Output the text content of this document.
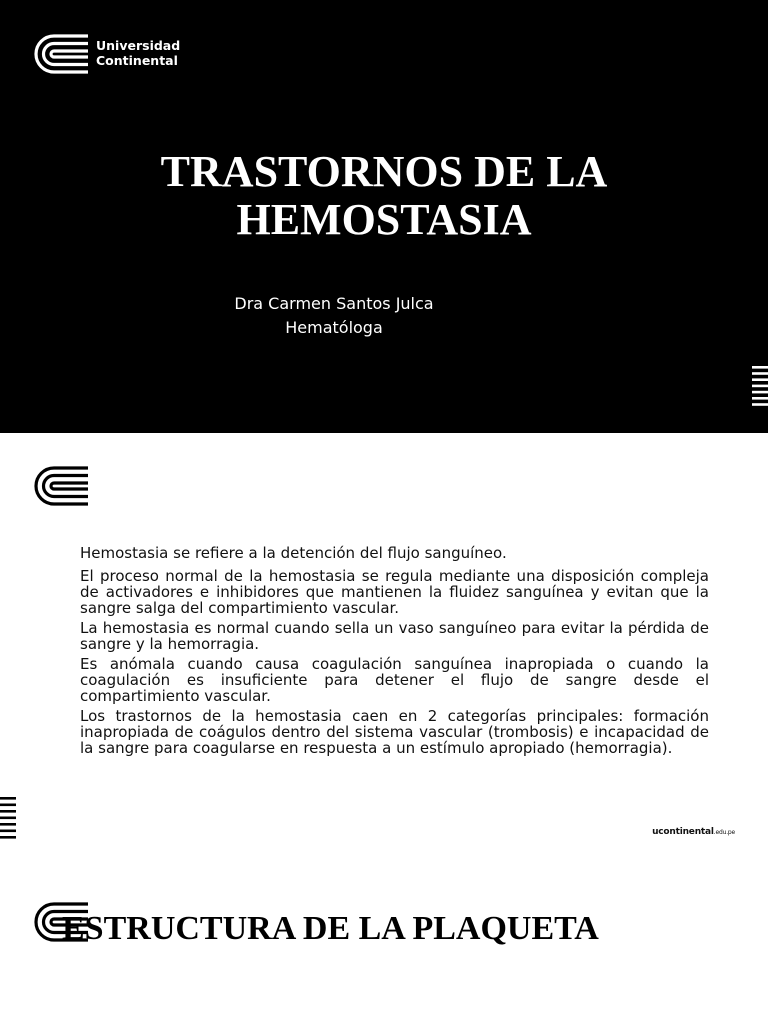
Universidad
Continental
TRASTORNOS DE LA
HEMOSTASIA
Dra Carmen Santos Julca
Hematóloga

Hemostasia se refiere a la detención del flujo sanguíneo.

El proceso normal de la hemostasia se regula mediante una disposición compleja de activadores e inhibidores que mantienen la fluidez sanguínea y evitan que la sangre salga del compartimiento vascular.

La hemostasia es normal cuando sella un vaso sanguíneo para evitar la pérdida de sangre y la hemorragia.

Es anómala cuando causa coagulación sanguínea inapropiada o cuando la coagulación es insuficiente para detener el flujo de sangre desde el compartimiento vascular.

Los trastornos de la hemostasia caen en 2 categorías principales: formación inapropiada de coágulos dentro del sistema vascular (trombosis) e incapacidad de la sangre para coagularse en respuesta a un estímulo apropiado (hemorragia).

ucontinental.edu.pe
ESTRUCTURA DE LA PLAQUETA
